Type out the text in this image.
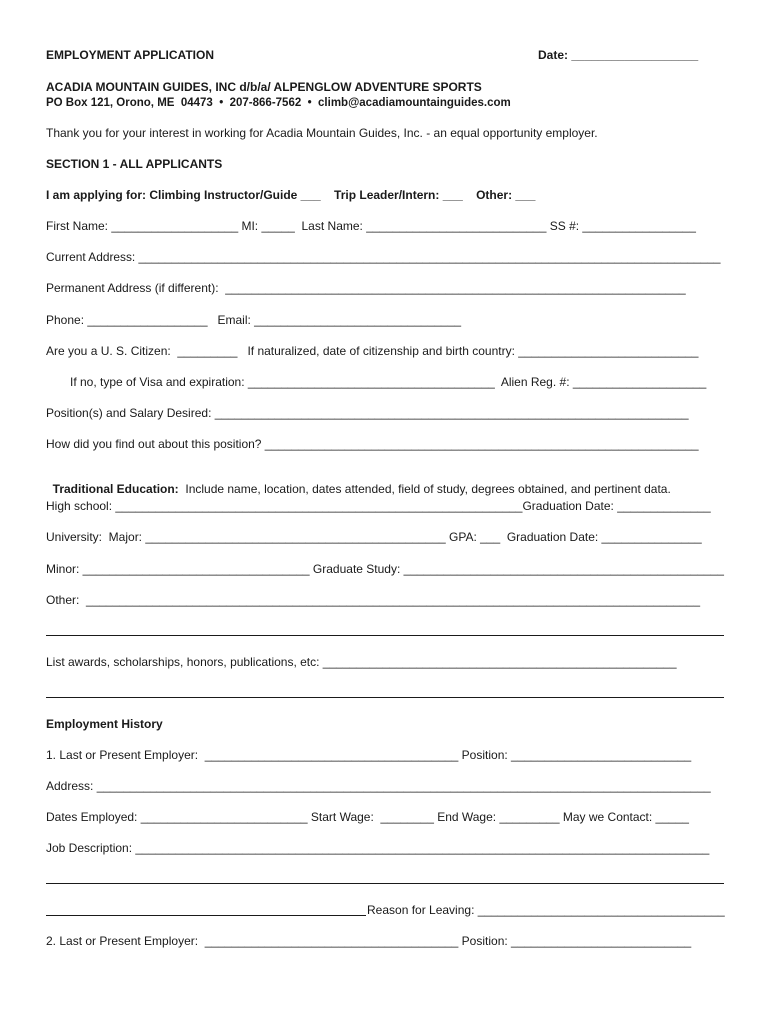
EMPLOYMENT APPLICATION	Date: ___________________
ACADIA MOUNTAIN GUIDES, INC d/b/a/ ALPENGLOW ADVENTURE SPORTS
PO Box 121, Orono, ME  04473  •  207-866-7562  •  climb@acadiamountainguides.com
Thank you for your interest in working for Acadia Mountain Guides, Inc. - an equal opportunity employer.
SECTION 1 - ALL APPLICANTS
I am applying for: Climbing Instructor/Guide ___    Trip Leader/Intern: ___    Other: ___
First Name: ___________________ MI: _____  Last Name: ___________________________ SS #: _________________
Current Address: ________________________________________________________________________________________
Permanent Address (if different):  _____________________________________________________________________
Phone: __________________   Email: _______________________________
Are you a U. S. Citizen:  _________   If naturalized, date of citizenship and birth country: ___________________________
If no, type of Visa and expiration: _____________________________________  Alien Reg. #: ____________________
Position(s) and Salary Desired: _______________________________________________________________________
How did you find out about this position? _________________________________________________________________

Traditional Education:  Include name, location, dates attended, field of study, degrees obtained, and pertinent data.

High school: _____________________________________________________________Graduation Date: ______________
University:  Major: _____________________________________________ GPA: ___  Graduation Date: _______________
Minor: __________________________________ Graduate Study: ________________________________________________
Other:  ____________________________________________________________________________________________
List awards, scholarships, honors, publications, etc: _____________________________________________________
Employment History
1. Last or Present Employer:  ______________________________________ Position: ___________________________
Address: ____________________________________________________________________________________________
Dates Employed: _________________________ Start Wage:  ________ End Wage: _________ May we Contact: _____
Job Description: ______________________________________________________________________________________
Reason for Leaving: _____________________________________
2. Last or Present Employer:  ______________________________________ Position: ___________________________
